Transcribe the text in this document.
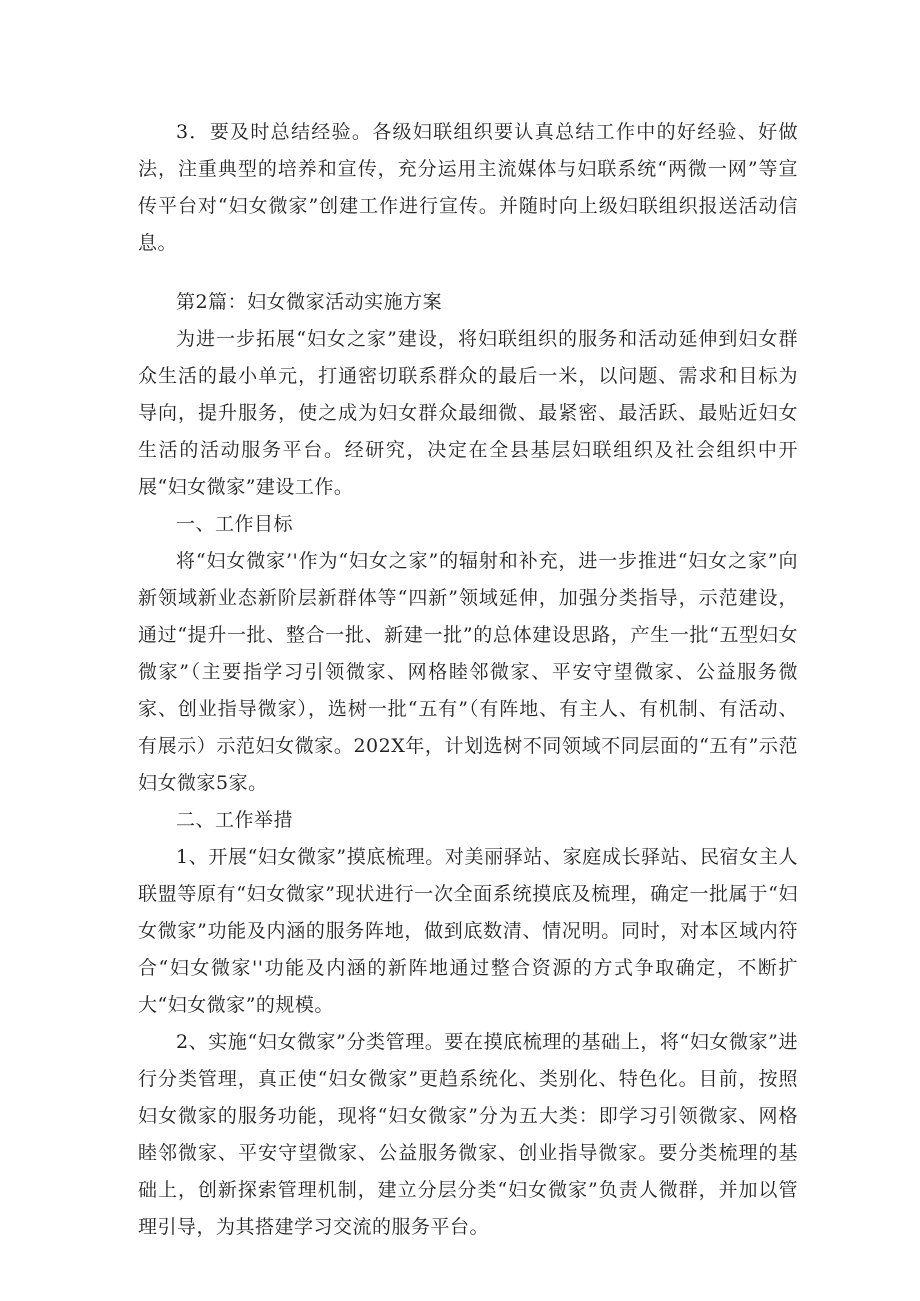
3．要及时总结经验。各级妇联组织要认真总结工作中的好经验、好做法，注重典型的培养和宣传，充分运用主流媒体与妇联系统“两微一网”等宣传平台对“妇女微家”创建工作进行宣传。并随时向上级妇联组织报送活动信息。

第2篇：妇女微家活动实施方案

为进一步拓展“妇女之家”建设，将妇联组织的服务和活动延伸到妇女群众生活的最小单元，打通密切联系群众的最后一米，以问题、需求和目标为导向，提升服务，使之成为妇女群众最细微、最紧密、最活跃、最贴近妇女生活的活动服务平台。经研究，决定在全县基层妇联组织及社会组织中开展“妇女微家”建设工作。

一、工作目标

将“妇女微家’'作为“妇女之家”的辐射和补充，进一步推进“妇女之家”向新领域新业态新阶层新群体等“四新”领域延伸，加强分类指导，示范建设，通过“提升一批、整合一批、新建一批”的总体建设思路，产生一批“五型妇女微家”（主要指学习引领微家、网格睦邻微家、平安守望微家、公益服务微家、创业指导微家），选树一批“五有”（有阵地、有主人、有机制、有活动、有展示）示范妇女微家。202X年，计划选树不同领域不同层面的“五有”示范妇女微家5家。

二、工作举措

1、开展“妇女微家”摸底梳理。对美丽驿站、家庭成长驿站、民宿女主人联盟等原有“妇女微家”现状进行一次全面系统摸底及梳理，确定一批属于“妇女微家”功能及内涵的服务阵地，做到底数清、情况明。同时，对本区域内符合“妇女微家''功能及内涵的新阵地通过整合资源的方式争取确定，不断扩大“妇女微家”的规模。

2、实施“妇女微家”分类管理。要在摸底梳理的基础上，将“妇女微家”进行分类管理，真正使“妇女微家”更趋系统化、类别化、特色化。目前，按照妇女微家的服务功能，现将“妇女微家”分为五大类：即学习引领微家、网格睦邻微家、平安守望微家、公益服务微家、创业指导微家。要分类梳理的基础上，创新探索管理机制，建立分层分类“妇女微家”负责人微群，并加以管理引导，为其搭建学习交流的服务平台。
